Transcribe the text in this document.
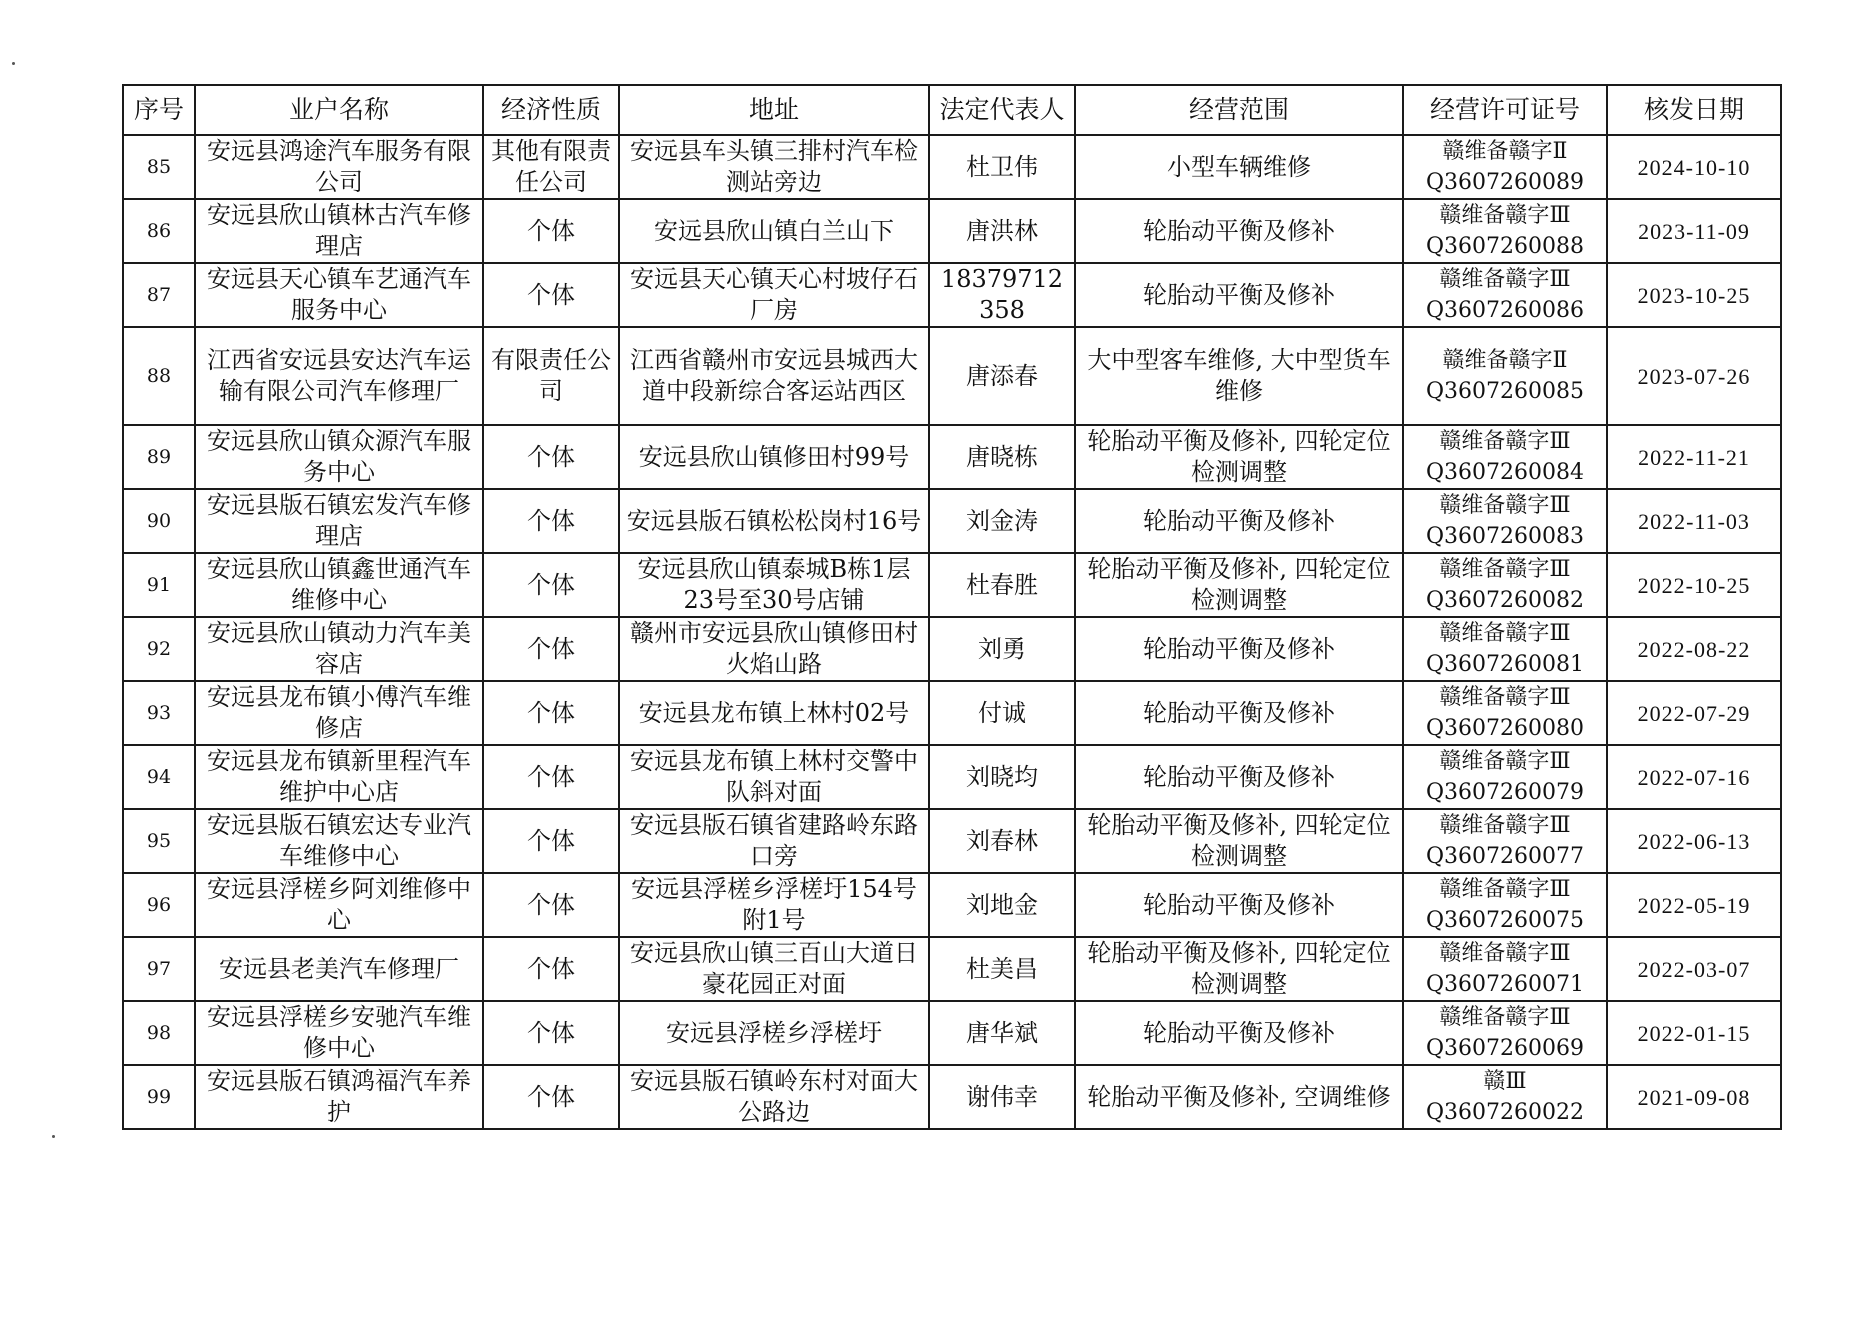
序号	业户名称	经济性质	地址	法定代表人	经营范围	经营许可证号	核发日期
85	安远县鸿途汽车服务有限公司	其他有限责任公司	安远县车头镇三排村汽车检测站旁边	杜卫伟	小型车辆维修	赣维备赣字Ⅱ
Q3607260089	2024-10-10
86	安远县欣山镇林古汽车修理店	个体	安远县欣山镇白兰山下	唐洪林	轮胎动平衡及修补	赣维备赣字Ⅲ
Q3607260088	2023-11-09
87	安远县天心镇车艺通汽车服务中心	个体	安远县天心镇天心村坡仔石厂房	18379712358	轮胎动平衡及修补	赣维备赣字Ⅲ
Q3607260086	2023-10-25
88	江西省安远县安达汽车运输有限公司汽车修理厂	有限责任公司	江西省赣州市安远县城西大道中段新综合客运站西区	唐添春	大中型客车维修, 大中型货车维修	赣维备赣字Ⅱ
Q3607260085	2023-07-26
89	安远县欣山镇众源汽车服务中心	个体	安远县欣山镇修田村99号	唐晓栋	轮胎动平衡及修补, 四轮定位检测调整	赣维备赣字Ⅲ
Q3607260084	2022-11-21
90	安远县版石镇宏发汽车修理店	个体	安远县版石镇松松岗村16号	刘金涛	轮胎动平衡及修补	赣维备赣字Ⅲ
Q3607260083	2022-11-03
91	安远县欣山镇鑫世通汽车维修中心	个体	安远县欣山镇泰城B栋1层23号至30号店铺	杜春胜	轮胎动平衡及修补, 四轮定位检测调整	赣维备赣字Ⅲ
Q3607260082	2022-10-25
92	安远县欣山镇动力汽车美容店	个体	赣州市安远县欣山镇修田村火焰山路	刘勇	轮胎动平衡及修补	赣维备赣字Ⅲ
Q3607260081	2022-08-22
93	安远县龙布镇小傅汽车维修店	个体	安远县龙布镇上林村02号	付诚	轮胎动平衡及修补	赣维备赣字Ⅲ
Q3607260080	2022-07-29
94	安远县龙布镇新里程汽车维护中心店	个体	安远县龙布镇上林村交警中队斜对面	刘晓均	轮胎动平衡及修补	赣维备赣字Ⅲ
Q3607260079	2022-07-16
95	安远县版石镇宏达专业汽车维修中心	个体	安远县版石镇省建路岭东路口旁	刘春林	轮胎动平衡及修补, 四轮定位检测调整	赣维备赣字Ⅲ
Q3607260077	2022-06-13
96	安远县浮槎乡阿刘维修中心	个体	安远县浮槎乡浮槎圩154号附1号	刘地金	轮胎动平衡及修补	赣维备赣字Ⅲ
Q3607260075	2022-05-19
97	安远县老美汽车修理厂	个体	安远县欣山镇三百山大道日豪花园正对面	杜美昌	轮胎动平衡及修补, 四轮定位检测调整	赣维备赣字Ⅲ
Q3607260071	2022-03-07
98	安远县浮槎乡安驰汽车维修中心	个体	安远县浮槎乡浮槎圩	唐华斌	轮胎动平衡及修补	赣维备赣字Ⅲ
Q3607260069	2022-01-15
99	安远县版石镇鸿福汽车养护	个体	安远县版石镇岭东村对面大公路边	谢伟幸	轮胎动平衡及修补, 空调维修	赣Ⅲ
Q3607260022	2021-09-08
